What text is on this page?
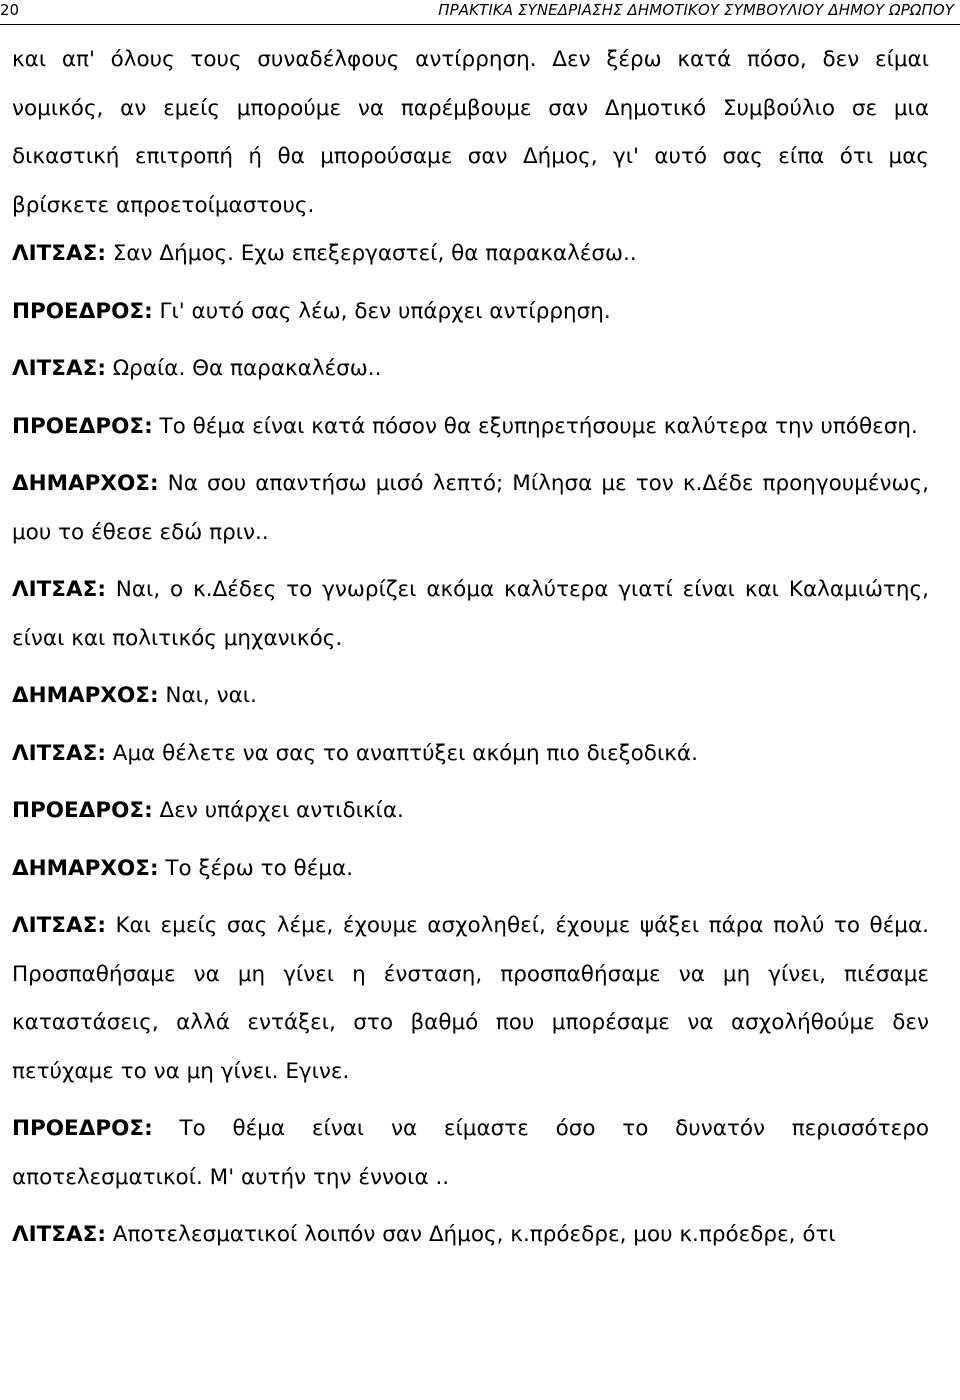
20	ΠΡΑΚΤΙΚΑ ΣΥΝΕΔΡΙΑΣΗΣ ΔΗΜΟΤΙΚΟΥ ΣΥΜΒΟΥΛΙΟΥ ΔΗΜΟΥ ΩΡΩΠΟΥ

και απ' όλους τους συναδέλφους αντίρρηση. Δεν ξέρω κατά πόσο, δεν είμαι νομικός, αν εμείς μπορούμε να παρέμβουμε σαν Δημοτικό Συμβούλιο σε μια δικαστική επιτροπή ή θα μπορούσαμε σαν Δήμος, γι' αυτό σας είπα ότι μας βρίσκετε απροετοίμαστους.

ΛΙΤΣΑΣ: Σαν Δήμος. Εχω επεξεργαστεί, θα παρακαλέσω..

ΠΡΟΕΔΡΟΣ: Γι' αυτό σας λέω, δεν υπάρχει αντίρρηση.

ΛΙΤΣΑΣ: Ωραία. Θα παρακαλέσω..

ΠΡΟΕΔΡΟΣ: Το θέμα είναι κατά πόσον θα εξυπηρετήσουμε καλύτερα την υπόθεση.

ΔΗΜΑΡΧΟΣ: Να σου απαντήσω μισό λεπτό; Μίλησα με τον κ.Δέδε προηγουμένως, μου το έθεσε εδώ πριν..

ΛΙΤΣΑΣ: Ναι, ο κ.Δέδες το γνωρίζει ακόμα καλύτερα γιατί είναι και Καλαμιώτης, είναι και πολιτικός μηχανικός.

ΔΗΜΑΡΧΟΣ: Ναι, ναι.

ΛΙΤΣΑΣ: Αμα θέλετε να σας το αναπτύξει ακόμη πιο διεξοδικά.

ΠΡΟΕΔΡΟΣ: Δεν υπάρχει αντιδικία.

ΔΗΜΑΡΧΟΣ: Το ξέρω το θέμα.

ΛΙΤΣΑΣ: Και εμείς σας λέμε, έχουμε ασχοληθεί, έχουμε ψάξει πάρα πολύ το θέμα. Προσπαθήσαμε να μη γίνει η ένσταση, προσπαθήσαμε να μη γίνει, πιέσαμε καταστάσεις, αλλά εντάξει, στο βαθμό που μπορέσαμε να ασχολήθούμε δεν πετύχαμε το να μη γίνει. Εγινε.

ΠΡΟΕΔΡΟΣ: Το θέμα είναι να είμαστε όσο το δυνατόν περισσότερο αποτελεσματικοί. Μ' αυτήν την έννοια ..

ΛΙΤΣΑΣ: Αποτελεσματικοί λοιπόν σαν Δήμος, κ.πρόεδρε, μου κ.πρόεδρε, ότι
